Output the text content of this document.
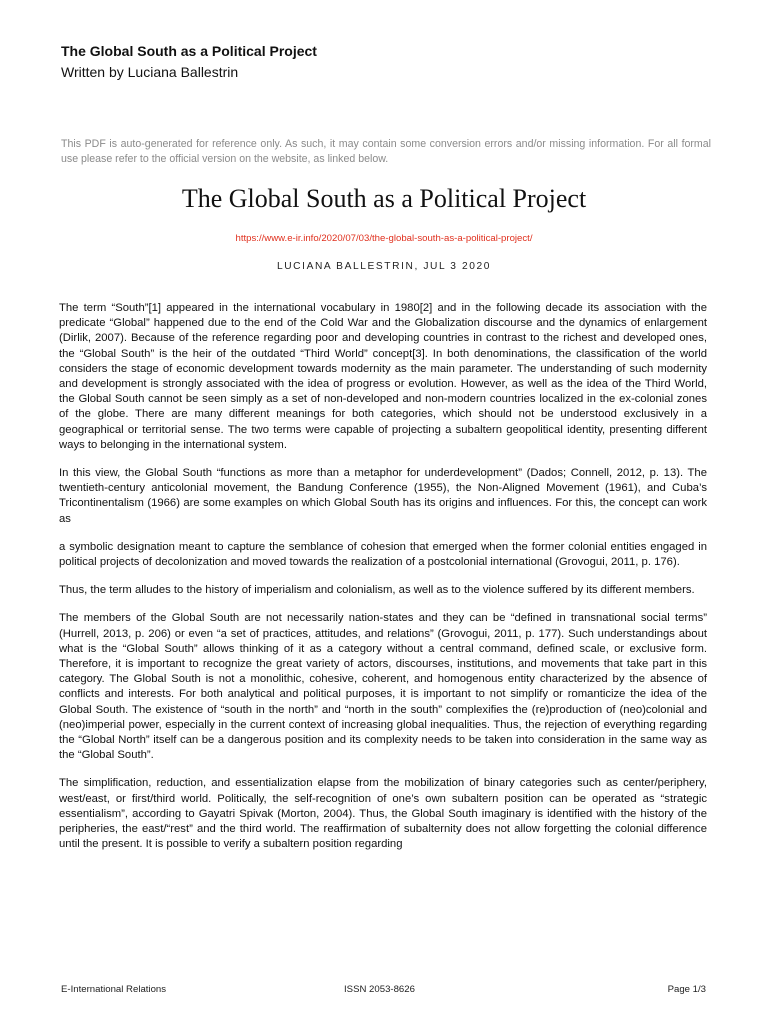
The Global South as a Political Project
Written by Luciana Ballestrin
This PDF is auto-generated for reference only. As such, it may contain some conversion errors and/or missing information. For all formal use please refer to the official version on the website, as linked below.
The Global South as a Political Project
https://www.e-ir.info/2020/07/03/the-global-south-as-a-political-project/
LUCIANA BALLESTRIN, JUL 3 2020

The term “South”[1] appeared in the international vocabulary in 1980[2] and in the following decade its association with the predicate “Global” happened due to the end of the Cold War and the Globalization discourse and the dynamics of enlargement (Dirlik, 2007). Because of the reference regarding poor and developing countries in contrast to the richest and developed ones, the “Global South” is the heir of the outdated “Third World” concept[3]. In both denominations, the classification of the world considers the stage of economic development towards modernity as the main parameter. The understanding of such modernity and development is strongly associated with the idea of progress or evolution. However, as well as the idea of the Third World, the Global South cannot be seen simply as a set of non-developed and non-modern countries localized in the ex-colonial zones of the globe. There are many different meanings for both categories, which should not be understood exclusively in a geographical or territorial sense. The two terms were capable of projecting a subaltern geopolitical identity, presenting different ways to belonging in the international system.

In this view, the Global South “functions as more than a metaphor for underdevelopment” (Dados; Connell, 2012, p. 13). The twentieth-century anticolonial movement, the Bandung Conference (1955), the Non-Aligned Movement (1961), and Cuba’s Tricontinentalism (1966) are some examples on which Global South has its origins and influences. For this, the concept can work as

a symbolic designation meant to capture the semblance of cohesion that emerged when the former colonial entities engaged in political projects of decolonization and moved towards the realization of a postcolonial international (Grovogui, 2011, p. 176).

Thus, the term alludes to the history of imperialism and colonialism, as well as to the violence suffered by its different members.

The members of the Global South are not necessarily nation-states and they can be “defined in transnational social terms” (Hurrell, 2013, p. 206) or even “a set of practices, attitudes, and relations” (Grovogui, 2011, p. 177). Such understandings about what is the “Global South” allows thinking of it as a category without a central command, defined scale, or exclusive form. Therefore, it is important to recognize the great variety of actors, discourses, institutions, and movements that take part in this category. The Global South is not a monolithic, cohesive, coherent, and homogenous entity characterized by the absence of conflicts and interests. For both analytical and political purposes, it is important to not simplify or romanticize the idea of the Global South. The existence of “south in the north” and “north in the south” complexifies the (re)production of (neo)colonial and (neo)imperial power, especially in the current context of increasing global inequalities. Thus, the rejection of everything regarding the “Global North” itself can be a dangerous position and its complexity needs to be taken into consideration in the same way as the “Global South”.

The simplification, reduction, and essentialization elapse from the mobilization of binary categories such as center/periphery, west/east, or first/third world. Politically, the self-recognition of one’s own subaltern position can be operated as “strategic essentialism”, according to Gayatri Spivak (Morton, 2004). Thus, the Global South imaginary is identified with the history of the peripheries, the east/“rest” and the third world. The reaffirmation of subalternity does not allow forgetting the colonial difference until the present. It is possible to verify a subaltern position regarding

E-International Relations	ISSN 2053-8626	Page 1/3
